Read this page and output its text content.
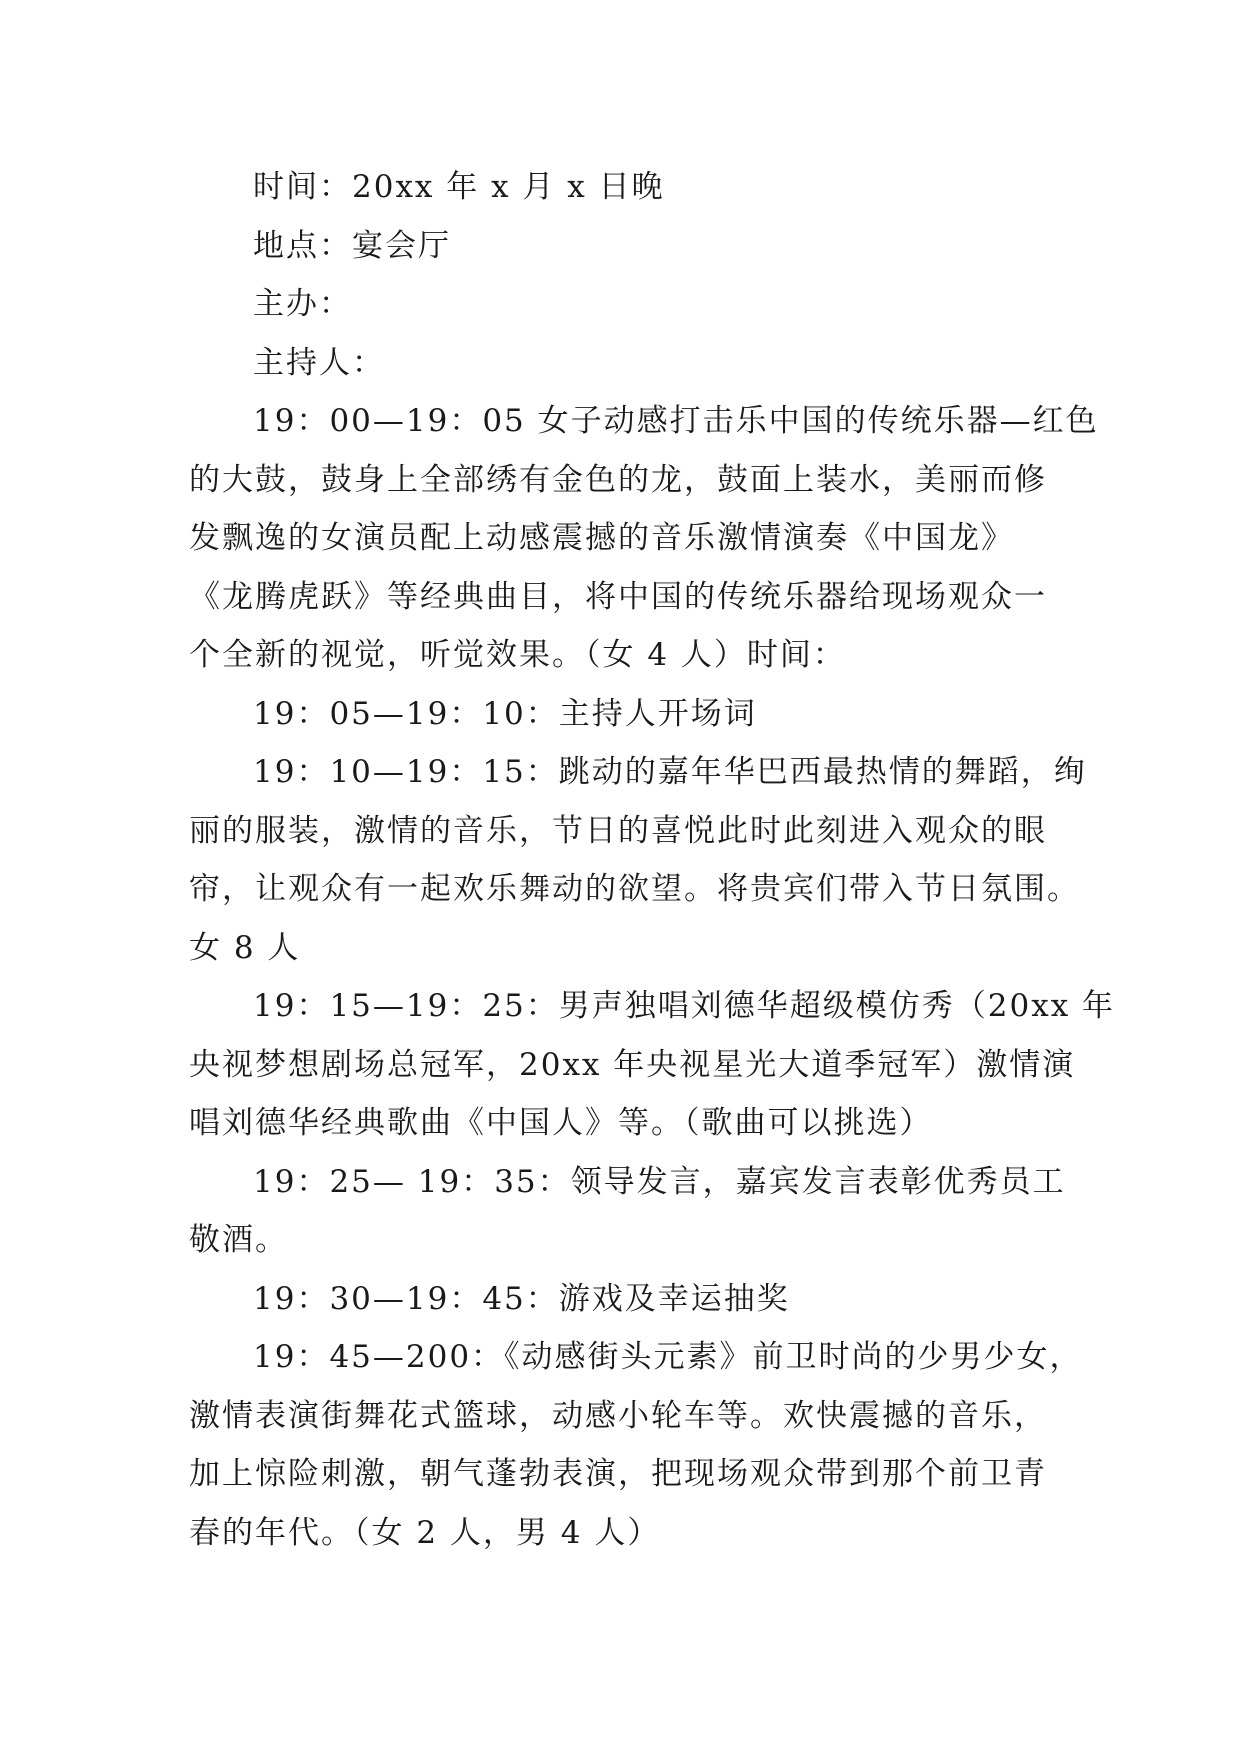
时间：20xx 年 x 月 x 日晚
地点：宴会厅
主办：
主持人：
19：00—19：05 女子动感打击乐中国的传统乐器—红色
的大鼓，鼓身上全部绣有金色的龙，鼓面上装水，美丽而修
发飘逸的女演员配上动感震撼的音乐激情演奏《中国龙》
《龙腾虎跃》等经典曲目，将中国的传统乐器给现场观众一
个全新的视觉，听觉效果。（女 4 人）时间：
19：05—19：10：主持人开场词
19：10—19：15：跳动的嘉年华巴西最热情的舞蹈，绚
丽的服装，激情的音乐，节日的喜悦此时此刻进入观众的眼
帘，让观众有一起欢乐舞动的欲望。将贵宾们带入节日氛围。
女 8 人
19：15—19：25：男声独唱刘德华超级模仿秀（20xx 年
央视梦想剧场总冠军，20xx 年央视星光大道季冠军）激情演
唱刘德华经典歌曲《中国人》等。（歌曲可以挑选）
19：25— 19：35：领导发言，嘉宾发言表彰优秀员工
敬酒。
19：30—19：45：游戏及幸运抽奖
19：45—200：《动感街头元素》前卫时尚的少男少女，
激情表演街舞花式篮球，动感小轮车等。欢快震撼的音乐，
加上惊险刺激，朝气蓬勃表演，把现场观众带到那个前卫青
春的年代。（女 2 人，男 4 人）
